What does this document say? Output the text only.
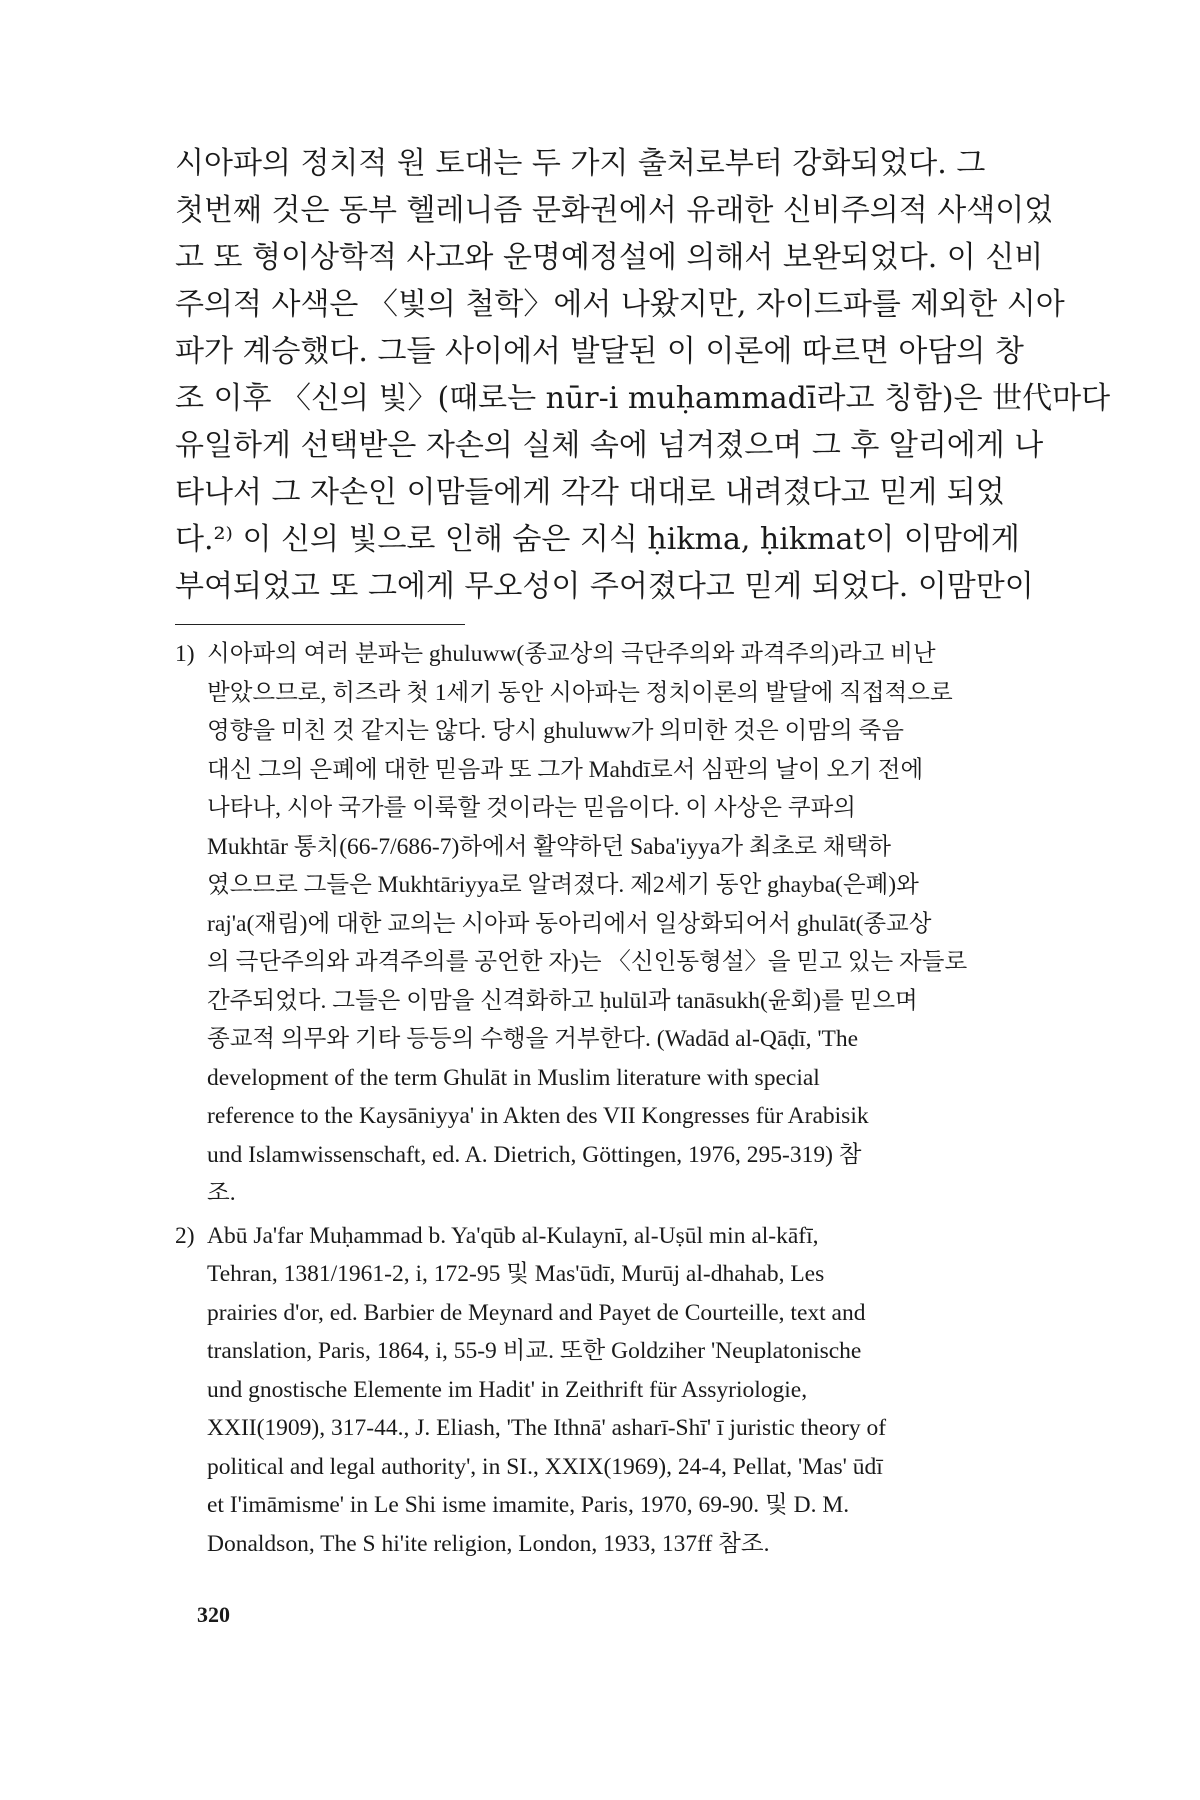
시아파의 정치적 원 토대는 두 가지 출처로부터 강화되었다. 그
첫번째 것은 동부 헬레니즘 문화권에서 유래한 신비주의적 사색이었
고 또 형이상학적 사고와 운명예정설에 의해서 보완되었다. 이 신비
주의적 사색은 〈빛의 철학〉에서 나왔지만, 자이드파를 제외한 시아
파가 계승했다. 그들 사이에서 발달된 이 이론에 따르면 아담의 창
조 이후 〈신의 빛〉(때로는 nūr-i muḥammadī라고 칭함)은 世代마다
유일하게 선택받은 자손의 실체 속에 넘겨졌으며 그 후 알리에게 나
타나서 그 자손인 이맘들에게 각각 대대로 내려졌다고 믿게 되었
다.²⁾ 이 신의 빛으로 인해 숨은 지식 ḥikma, ḥikmat이 이맘에게
부여되었고 또 그에게 무오성이 주어졌다고 믿게 되었다. 이맘만이
1) 시아파의 여러 분파는 ghuluww(종교상의 극단주의와 과격주의)라고 비난
받았으므로, 히즈라 첫 1세기 동안 시아파는 정치이론의 발달에 직접적으로
영향을 미친 것 같지는 않다. 당시 ghuluww가 의미한 것은 이맘의 죽음
대신 그의 은폐에 대한 믿음과 또 그가 Mahdī로서 심판의 날이 오기 전에
나타나, 시아 국가를 이룩할 것이라는 믿음이다. 이 사상은 쿠파의
Mukhtār 통치(66-7/686-7)하에서 활약하던 Saba'iyya가 최초로 채택하
였으므로 그들은 Mukhtāriyya로 알려졌다. 제2세기 동안 ghayba(은폐)와
raj'a(재림)에 대한 교의는 시아파 동아리에서 일상화되어서 ghulāt(종교상
의 극단주의와 과격주의를 공언한 자)는 〈신인동형설〉을 믿고 있는 자들로
간주되었다. 그들은 이맘을 신격화하고 ḥulūl과 tanāsukh(윤회)를 믿으며
종교적 의무와 기타 등등의 수행을 거부한다. (Wadād al-Qāḍī, 'The
development of the term Ghulāt in Muslim literature with special
reference to the Kaysāniyya' in Akten des VII Kongresses für Arabisik
und Islamwissenschaft, ed. A. Dietrich, Göttingen, 1976, 295-319) 참
조.
2) Abū Ja'far Muḥammad b. Ya'qūb al-Kulaynī, al-Uṣūl min al-kāfī,
Tehran, 1381/1961-2, i, 172-95 및 Mas'ūdī, Murūj al-dhahab, Les
prairies d'or, ed. Barbier de Meynard and Payet de Courteille, text and
translation, Paris, 1864, i, 55-9 비교. 또한 Goldziher 'Neuplatonische
und gnostische Elemente im Hadit' in Zeithrift für Assyriologie,
XXII(1909), 317-44., J. Eliash, 'The Ithnā' asharī-Shī' ī juristic theory of
political and legal authority', in SI., XXIX(1969), 24-4, Pellat, 'Mas' ūdī
et I'imāmisme' in Le Shi isme imamite, Paris, 1970, 69-90. 및 D. M.
Donaldson, The S hi'ite religion, London, 1933, 137ff 참조.
320
